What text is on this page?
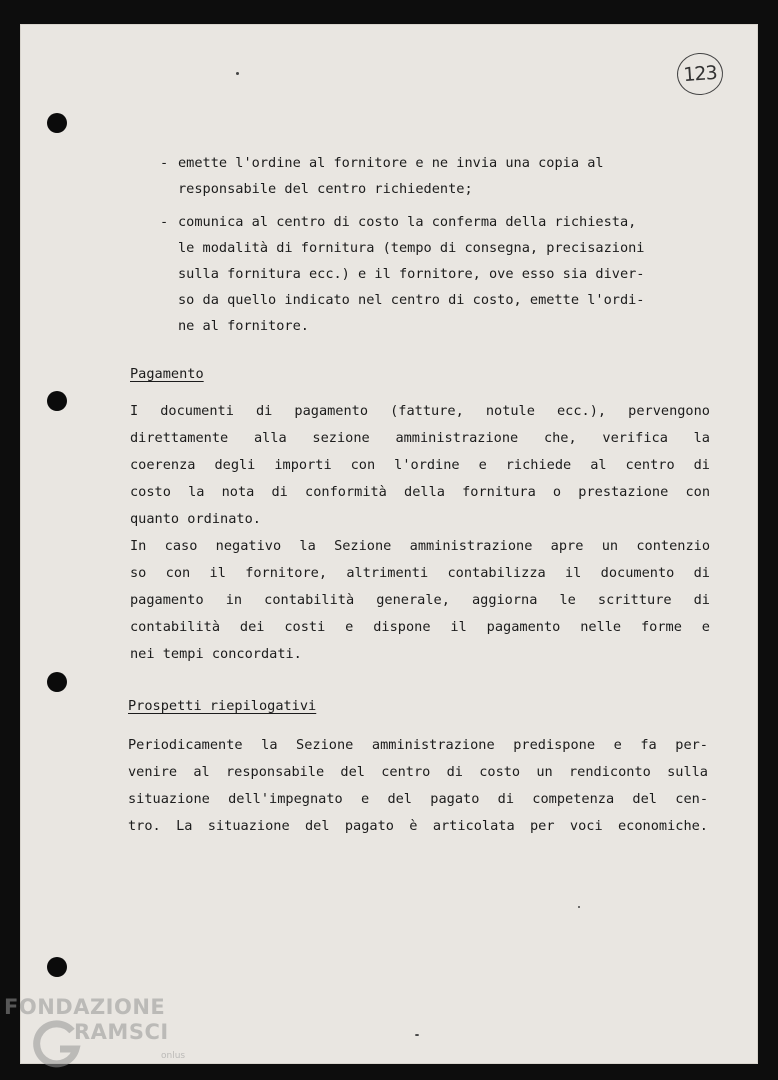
123
- emette l'ordine al fornitore e ne invia una copia al
responsabile del centro richiedente;
- comunica al centro di costo la conferma della richiesta,
le modalità di fornitura (tempo di consegna, precisazioni
sulla fornitura ecc.) e il fornitore, ove esso sia diver-
so da quello indicato nel centro di costo, emette l'ordi-
ne al fornitore.
Pagamento
I documenti di pagamento (fatture, notule ecc.), pervengono
direttamente alla sezione amministrazione che, verifica la
coerenza degli importi con l'ordine e richiede al centro di
costo la nota di conformità della fornitura o prestazione con
quanto ordinato.
In caso negativo la Sezione amministrazione apre un contenzio
so con il fornitore, altrimenti contabilizza il documento di
pagamento in contabilità generale, aggiorna le scritture di
contabilità dei costi e dispone il pagamento nelle forme e
nei tempi concordati.
Prospetti riepilogativi
Periodicamente la Sezione amministrazione predispone e fa per-
venire al responsabile del centro di costo un rendiconto sulla
situazione dell'impegnato e del pagato di competenza del cen-
tro. La situazione del pagato è articolata per voci economiche.
FONDAZIONE
RAMSCI
onlus
